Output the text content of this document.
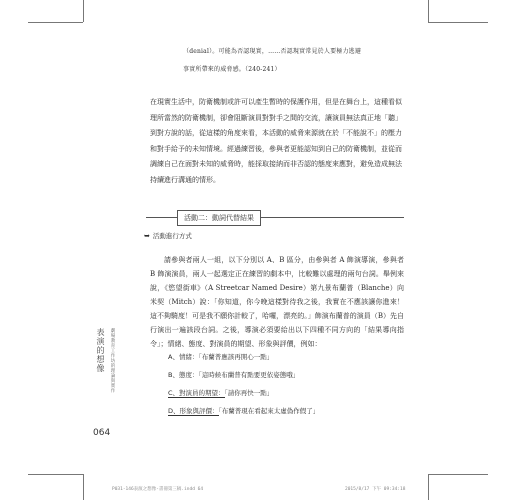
（denial）。可能為否認現實，……否認現實常見於人要極力逃避

事實所帶來的威脅感。（240-241）

在現實生活中，防衛機制或許可以產生暫時的保護作用，但是在舞台上，這種看似理所當然的防衛機制，卻會阻斷演員對對手之間的交流，讓演員無法真正地「聽」到對方說的話，從這樣的角度來看，本活動的威脅來源就在於「不能說不」的壓力和對手給予的未知情境。經過練習後，參與者更能認知到自己的防衛機制，並從而調練自己在面對未知的威脅時，能採取接納而非否認的態度來應對，避免造成無法持續進行溝通的情形。

活動二：動詞代替結果
➥ 活動進行方式

請參與者兩人一組，以下分別以 A、B 區分，由參與者 A 飾演導演，參與者 B 飾演演員，兩人一起選定正在練習的劇本中，比較難以處理的兩句台詞。舉例來說，《慾望街車》（A Streetcar Named Desire）第九景布蘭普（Blanche）向米契（Mitch）說：「你知道，你今晚這樣對待我之後，我實在不應該讓你進來！這不夠騎度！可是我不願你計較了，哈囉，漂亮的。」飾演布蘭普的演員（B）先自行演出一遍該段台詞。之後，導演必須要給出以下四種不同方向的「結果導向指令」；情緒、態度、對演員的期望、形象與評價，例如：

A、情緒：「布蘭普應該再開心一點」
B、態度：「這時候布蘭普有點要更依姿態哦」
C、對演員的期望：「請你再快一點」
D、形象與評價：「布蘭普現在看起來太虛偽作假了」
表演的想像 劇場教育工作坊的理論與實作
064
P031-146表演之想像-書冊第三稿.indd 64	2015/8/17 下午 09:34:18
